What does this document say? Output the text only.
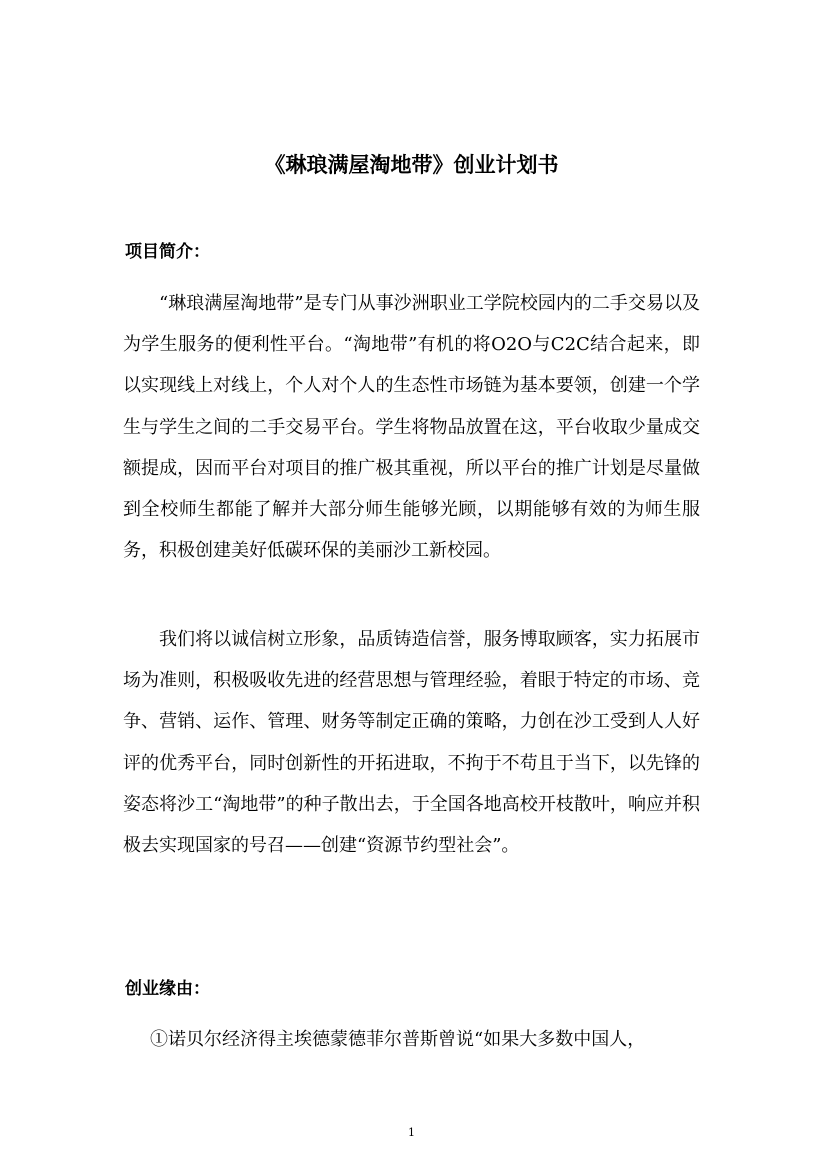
《琳琅满屋淘地带》创业计划书
项目简介：

“琳琅满屋淘地带”是专门从事沙洲职业工学院校园内的二手交易以及为学生服务的便利性平台。“淘地带”有机的将O2O与C2C结合起来，即以实现线上对线上，个人对个人的生态性市场链为基本要领，创建一个学生与学生之间的二手交易平台。学生将物品放置在这，平台收取少量成交额提成，因而平台对项目的推广极其重视，所以平台的推广计划是尽量做到全校师生都能了解并大部分师生能够光顾，以期能够有效的为师生服务，积极创建美好低碳环保的美丽沙工新校园。

我们将以诚信树立形象，品质铸造信誉，服务博取顾客，实力拓展市场为准则，积极吸收先进的经营思想与管理经验，着眼于特定的市场、竞争、营销、运作、管理、财务等制定正确的策略，力创在沙工受到人人好评的优秀平台，同时创新性的开拓进取，不拘于不苟且于当下，以先锋的姿态将沙工“淘地带”的种子散出去，于全国各地高校开枝散叶，响应并积极去实现国家的号召——创建“资源节约型社会”。

创业缘由：

①诺贝尔经济得主埃德蒙德菲尔普斯曾说“如果大多数中国人，

1
